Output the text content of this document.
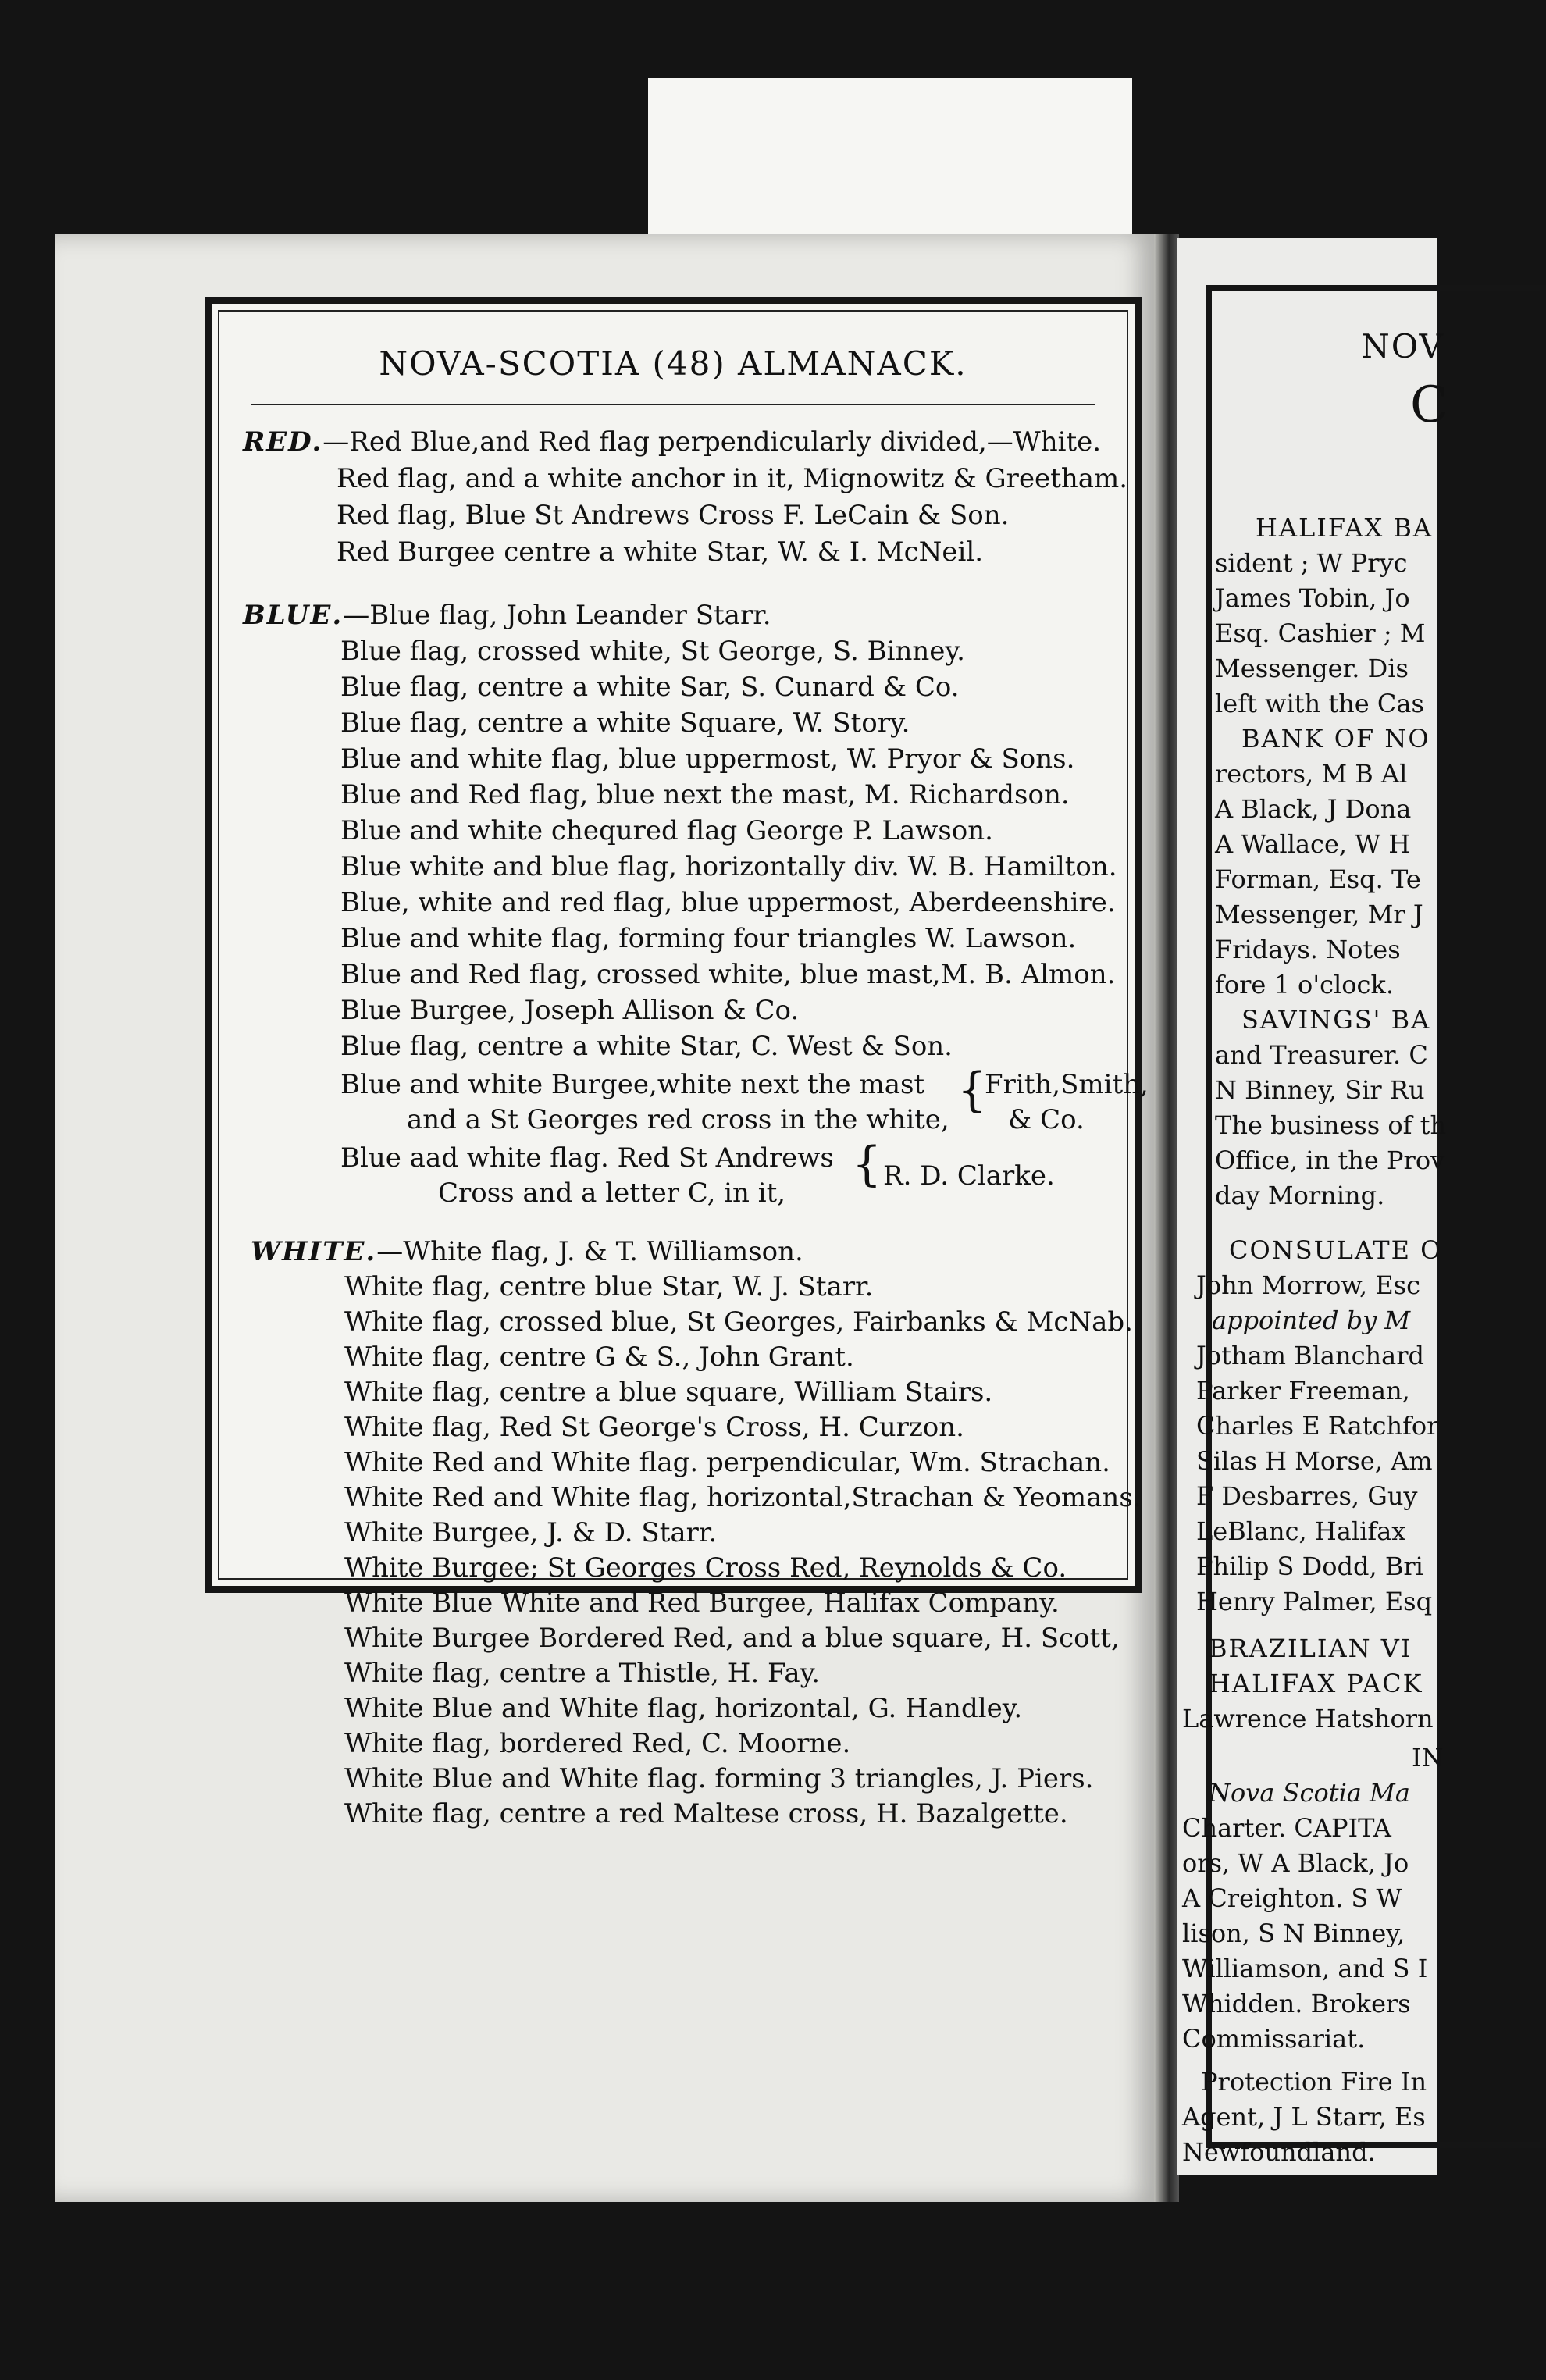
NOV
C
HALIFAX BA
sident ; W Pryc
James Tobin, Jo
Esq. Cashier ; M
Messenger. Dis
left with the Cas
BANK OF NO
rectors, M B Al
A Black, J Dona
A Wallace, W H
Forman, Esq. Te
Messenger, Mr J
Fridays. Notes
fore 1 o'clock.
SAVINGS' BA
and Treasurer. C
N Binney, Sir Ru
The business of th
Office, in the Prov
day Morning.
CONSULATE O
John Morrow, Esc
appointed by M
Jotham Blanchard
Parker Freeman,
Charles E Ratchfor
Silas H Morse, Am
F Desbarres, Guy
LeBlanc, Halifax
Philip S Dodd, Bri
Henry Palmer, Esq
BRAZILIAN VI
HALIFAX PACK
Lawrence Hatshorn
IN
Nova Scotia Ma
Charter. CAPITA
ors, W A Black, Jo
A Creighton. S W
lison, S N Binney,
Williamson, and S I
Whidden. Brokers
Commissariat.
Protection Fire In
Agent, J L Starr, Es
Newfoundland.
NOVA-SCOTIA (48) ALMANACK.
RED.—Red Blue,and Red flag perpendicularly divided,—White.
Red flag, and a white anchor in it, Mignowitz & Greetham.
Red flag, Blue St Andrews Cross F. LeCain & Son.
Red Burgee centre a white Star, W. & I. McNeil.
BLUE.—Blue flag, John Leander Starr.
Blue flag, crossed white, St George, S. Binney.
Blue flag, centre a white Sar, S. Cunard & Co.
Blue flag, centre a white Square, W. Story.
Blue and white flag, blue uppermost, W. Pryor & Sons.
Blue and Red flag, blue next the mast, M. Richardson.
Blue and white chequred flag George P. Lawson.
Blue white and blue flag, horizontally div. W. B. Hamilton.
Blue, white and red flag, blue uppermost, Aberdeenshire.
Blue and white flag, forming four triangles W. Lawson.
Blue and Red flag, crossed white, blue mast,M. B. Almon.
Blue Burgee, Joseph Allison & Co.
Blue flag, centre a white Star, C. West & Son.
Blue and white Burgee,white next the mast
and a St Georges red cross in the white,
{
Frith,Smith,
& Co.
Blue aad white flag. Red St Andrews
Cross and a letter C, in it,
{ R. D. Clarke.
WHITE.—White flag, J. & T. Williamson.
White flag, centre blue Star, W. J. Starr.
White flag, crossed blue, St Georges, Fairbanks & McNab.
White flag, centre G & S., John Grant.
White flag, centre a blue square, William Stairs.
White flag, Red St George's Cross, H. Curzon.
White Red and White flag. perpendicular, Wm. Strachan.
White Red and White flag, horizontal,Strachan & Yeomans.
White Burgee, J. & D. Starr.
White Burgee; St Georges Cross Red, Reynolds & Co.
White Blue White and Red Burgee, Halifax Company.
White Burgee Bordered Red, and a blue square, H. Scott,
White flag, centre a Thistle, H. Fay.
White Blue and White flag, horizontal, G. Handley.
White flag, bordered Red, C. Moorne.
White Blue and White flag. forming 3 triangles, J. Piers.
White flag, centre a red Maltese cross, H. Bazalgette.
